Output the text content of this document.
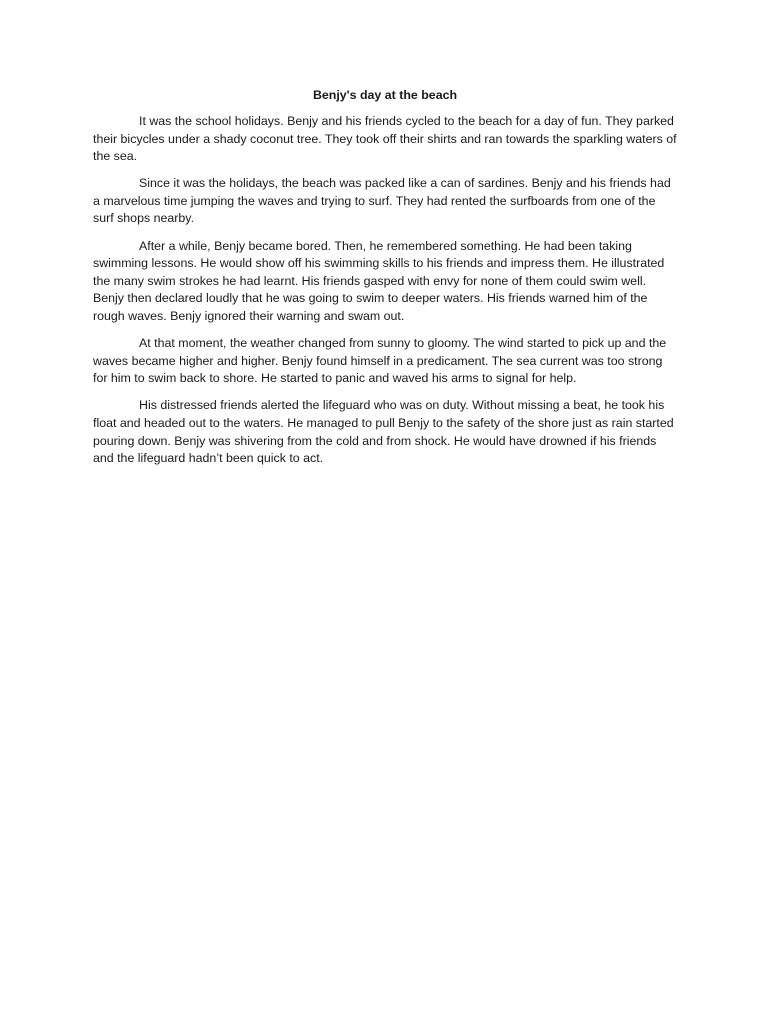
Benjy's day at the beach

It was the school holidays. Benjy and his friends cycled to the beach for a day of fun. They parked their bicycles under a shady coconut tree. They took off their shirts and ran towards the sparkling waters of the sea.

Since it was the holidays, the beach was packed like a can of sardines. Benjy and his friends had a marvelous time jumping the waves and trying to surf. They had rented the surfboards from one of the surf shops nearby.

After a while, Benjy became bored. Then, he remembered something. He had been taking swimming lessons. He would show off his swimming skills to his friends and impress them. He illustrated the many swim strokes he had learnt. His friends gasped with envy for none of them could swim well. Benjy then declared loudly that he was going to swim to deeper waters. His friends warned him of the rough waves. Benjy ignored their warning and swam out.

At that moment, the weather changed from sunny to gloomy. The wind started to pick up and the waves became higher and higher. Benjy found himself in a predicament. The sea current was too strong for him to swim back to shore. He started to panic and waved his arms to signal for help.

His distressed friends alerted the lifeguard who was on duty. Without missing a beat, he took his float and headed out to the waters. He managed to pull Benjy to the safety of the shore just as rain started pouring down. Benjy was shivering from the cold and from shock. He would have drowned if his friends and the lifeguard hadn’t been quick to act.
